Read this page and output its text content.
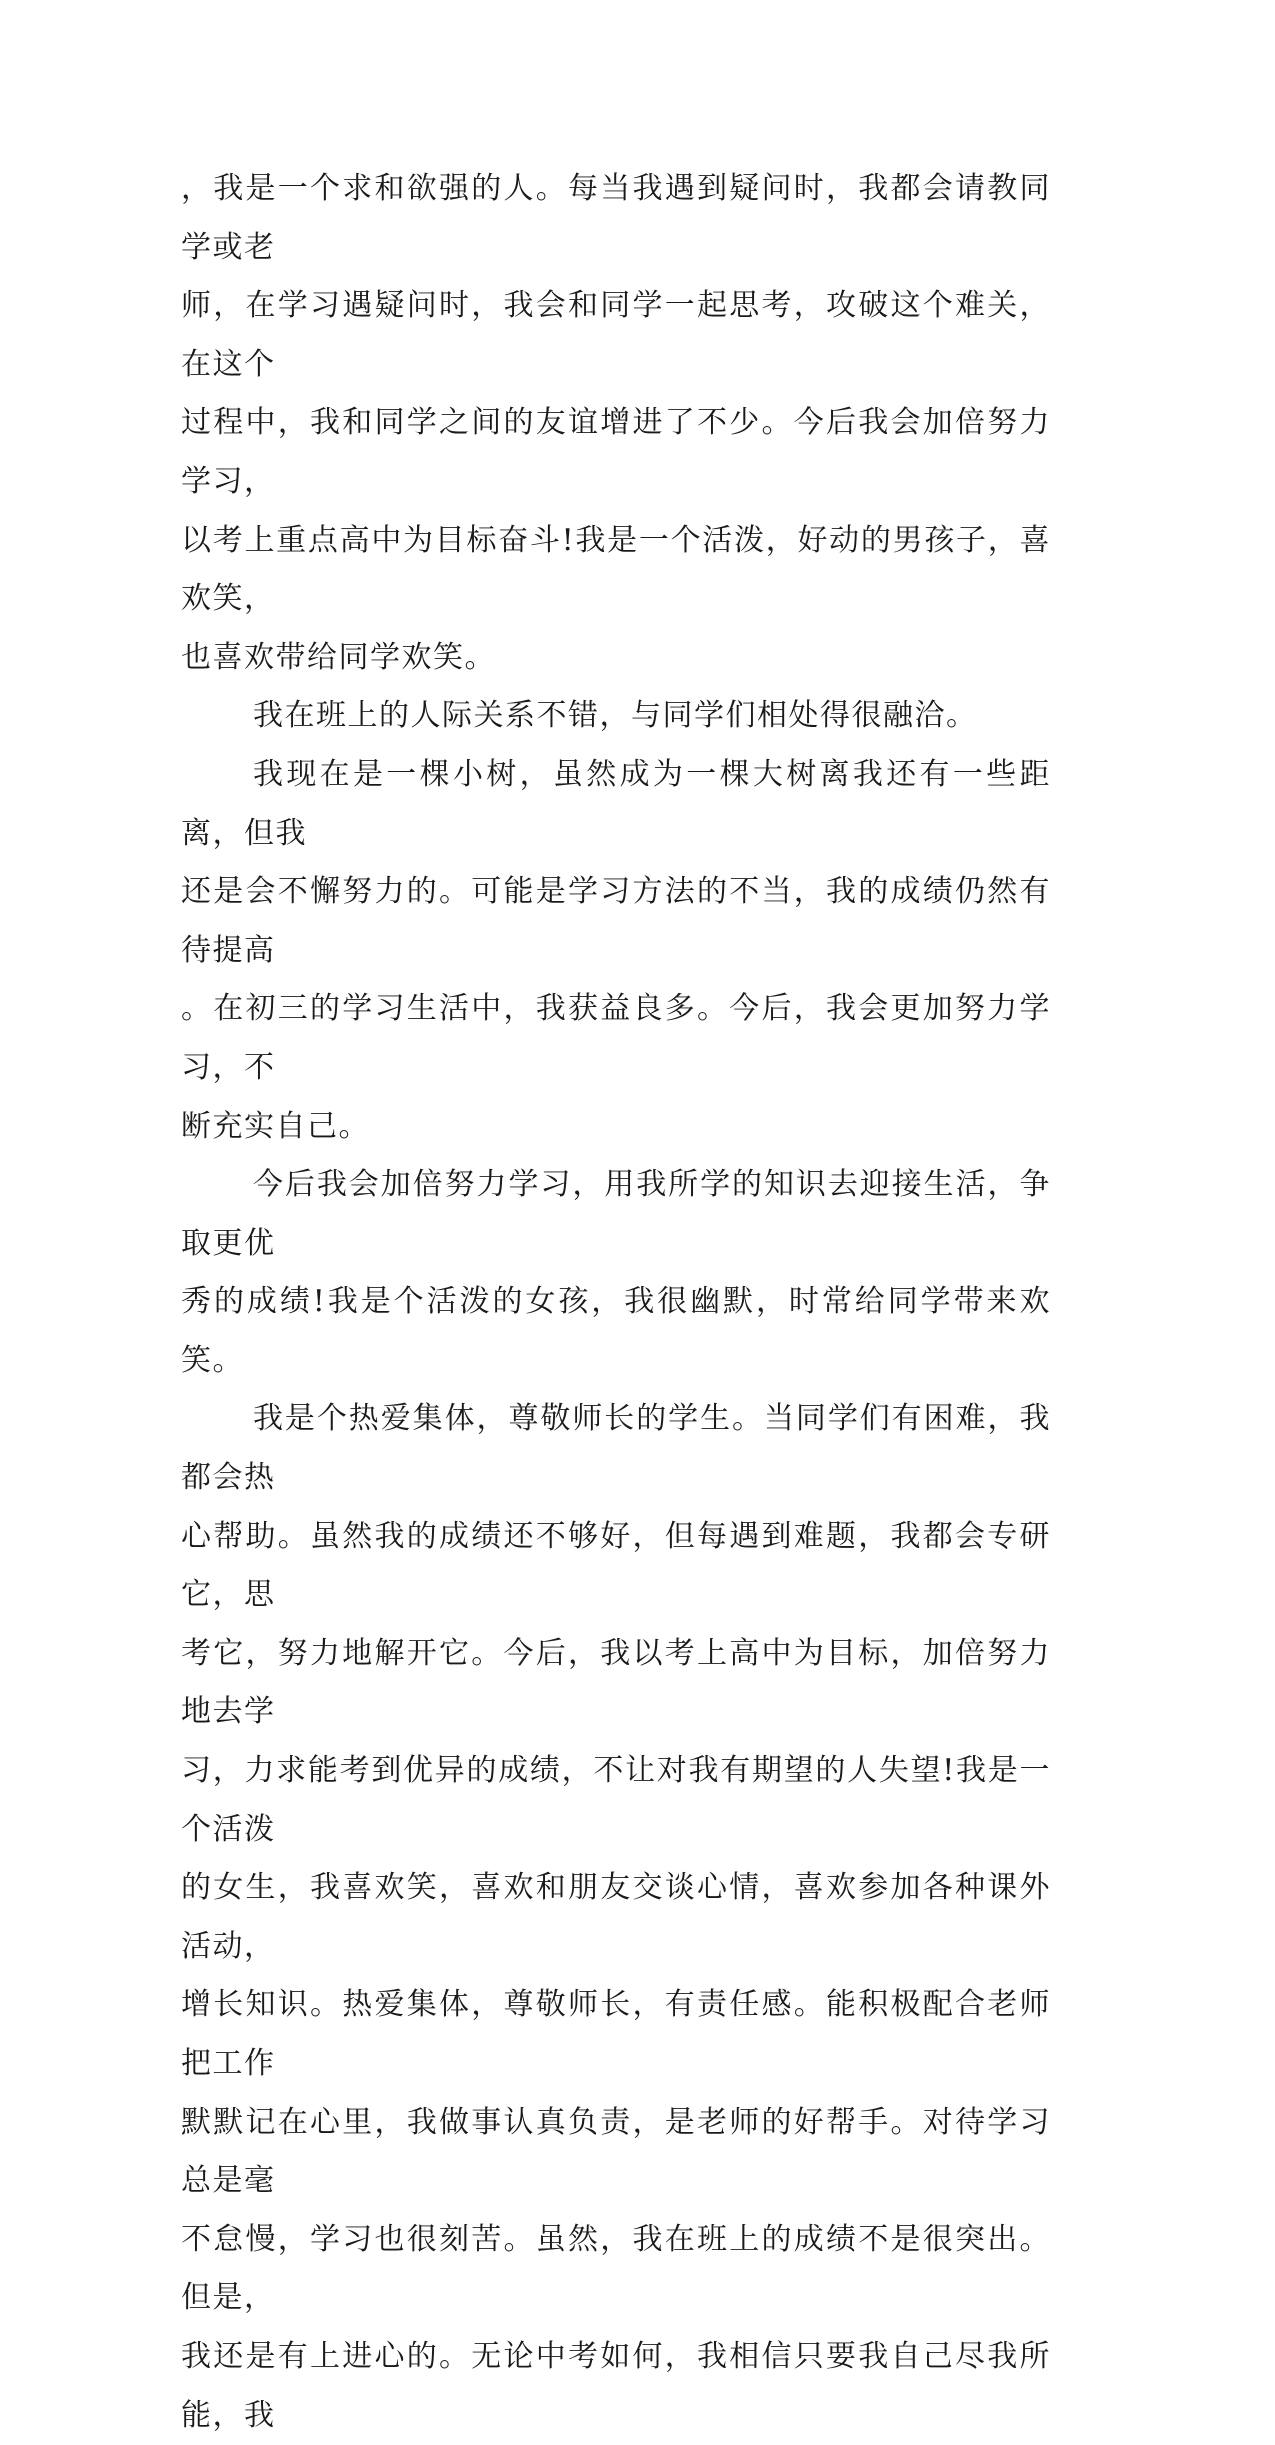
，我是一个求和欲强的人。每当我遇到疑问时，我都会请教同学或老
师，在学习遇疑问时，我会和同学一起思考，攻破这个难关，在这个
过程中，我和同学之间的友谊增进了不少。今后我会加倍努力学习，
以考上重点高中为目标奋斗!我是一个活泼，好动的男孩子，喜欢笑，
也喜欢带给同学欢笑。

我在班上的人际关系不错，与同学们相处得很融洽。

我现在是一棵小树，虽然成为一棵大树离我还有一些距离，但我
还是会不懈努力的。可能是学习方法的不当，我的成绩仍然有待提高
。在初三的学习生活中，我获益良多。今后，我会更加努力学习，不
断充实自己。

今后我会加倍努力学习，用我所学的知识去迎接生活，争取更优
秀的成绩!我是个活泼的女孩，我很幽默，时常给同学带来欢笑。

我是个热爱集体，尊敬师长的学生。当同学们有困难，我都会热
心帮助。虽然我的成绩还不够好，但每遇到难题，我都会专研它，思
考它，努力地解开它。今后，我以考上高中为目标，加倍努力地去学
习，力求能考到优异的成绩，不让对我有期望的人失望!我是一个活泼
的女生，我喜欢笑，喜欢和朋友交谈心情，喜欢参加各种课外活动，
增长知识。热爱集体，尊敬师长，有责任感。能积极配合老师把工作
默默记在心里，我做事认真负责，是老师的好帮手。对待学习总是毫
不怠慢，学习也很刻苦。虽然，我在班上的成绩不是很突出。但是，
我还是有上进心的。无论中考如何，我相信只要我自己尽我所能，我
